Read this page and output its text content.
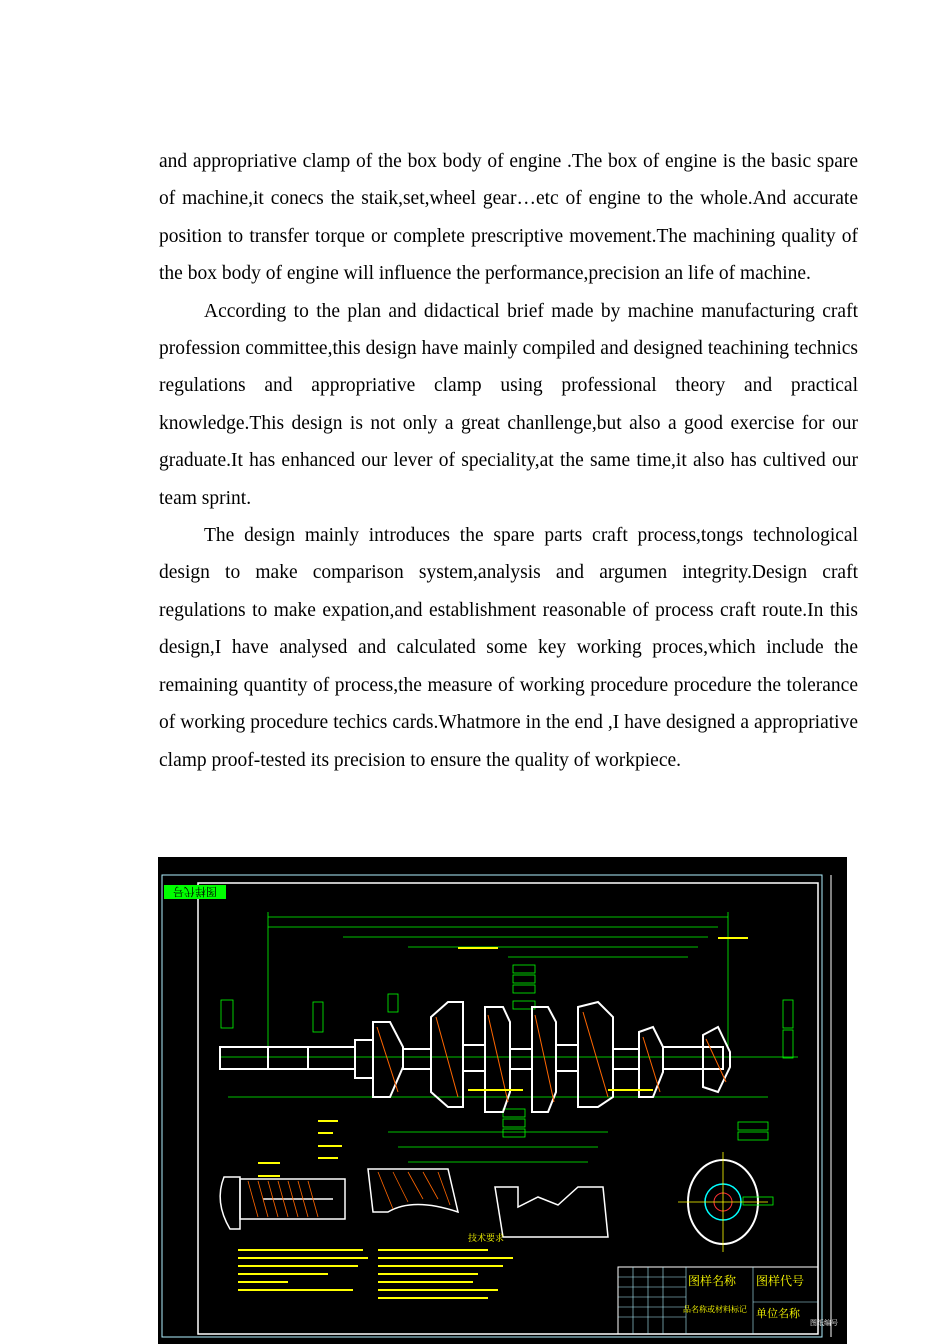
and appropriative clamp of the box body of engine .The box of engine is the basic spare of machine,it conecs the staik,set,wheel gear…etc of engine to the whole.And accurate position to transfer torque or complete prescriptive movement.The machining quality of the box body of engine will influence the performance,precision an life of machine.

According to the plan and didactical brief made by machine manufacturing craft profession committee,this design have mainly compiled and designed teachining technics regulations and appropriative clamp using professional theory and practical knowledge.This design is not only a great chanllenge,but also a good exercise for our graduate.It has enhanced our lever of speciality,at the same time,it also has cultived our team sprint.

The design mainly introduces the spare parts craft process,tongs technological design to make comparison system,analysis and argumen integrity.Design craft regulations to make expation,and establishment reasonable of process craft route.In this design,I have analysed and calculated some key working proces,which include the remaining quantity of process,the measure of working procedure procedure the tolerance of working procedure techics cards.Whatmore in the end ,I have designed a appropriative clamp proof-tested its precision to ensure the quality of workpiece.

图样代号
技术要求
图样名称 图样代号
品名称或材料标记 单位名称
图纸编号
